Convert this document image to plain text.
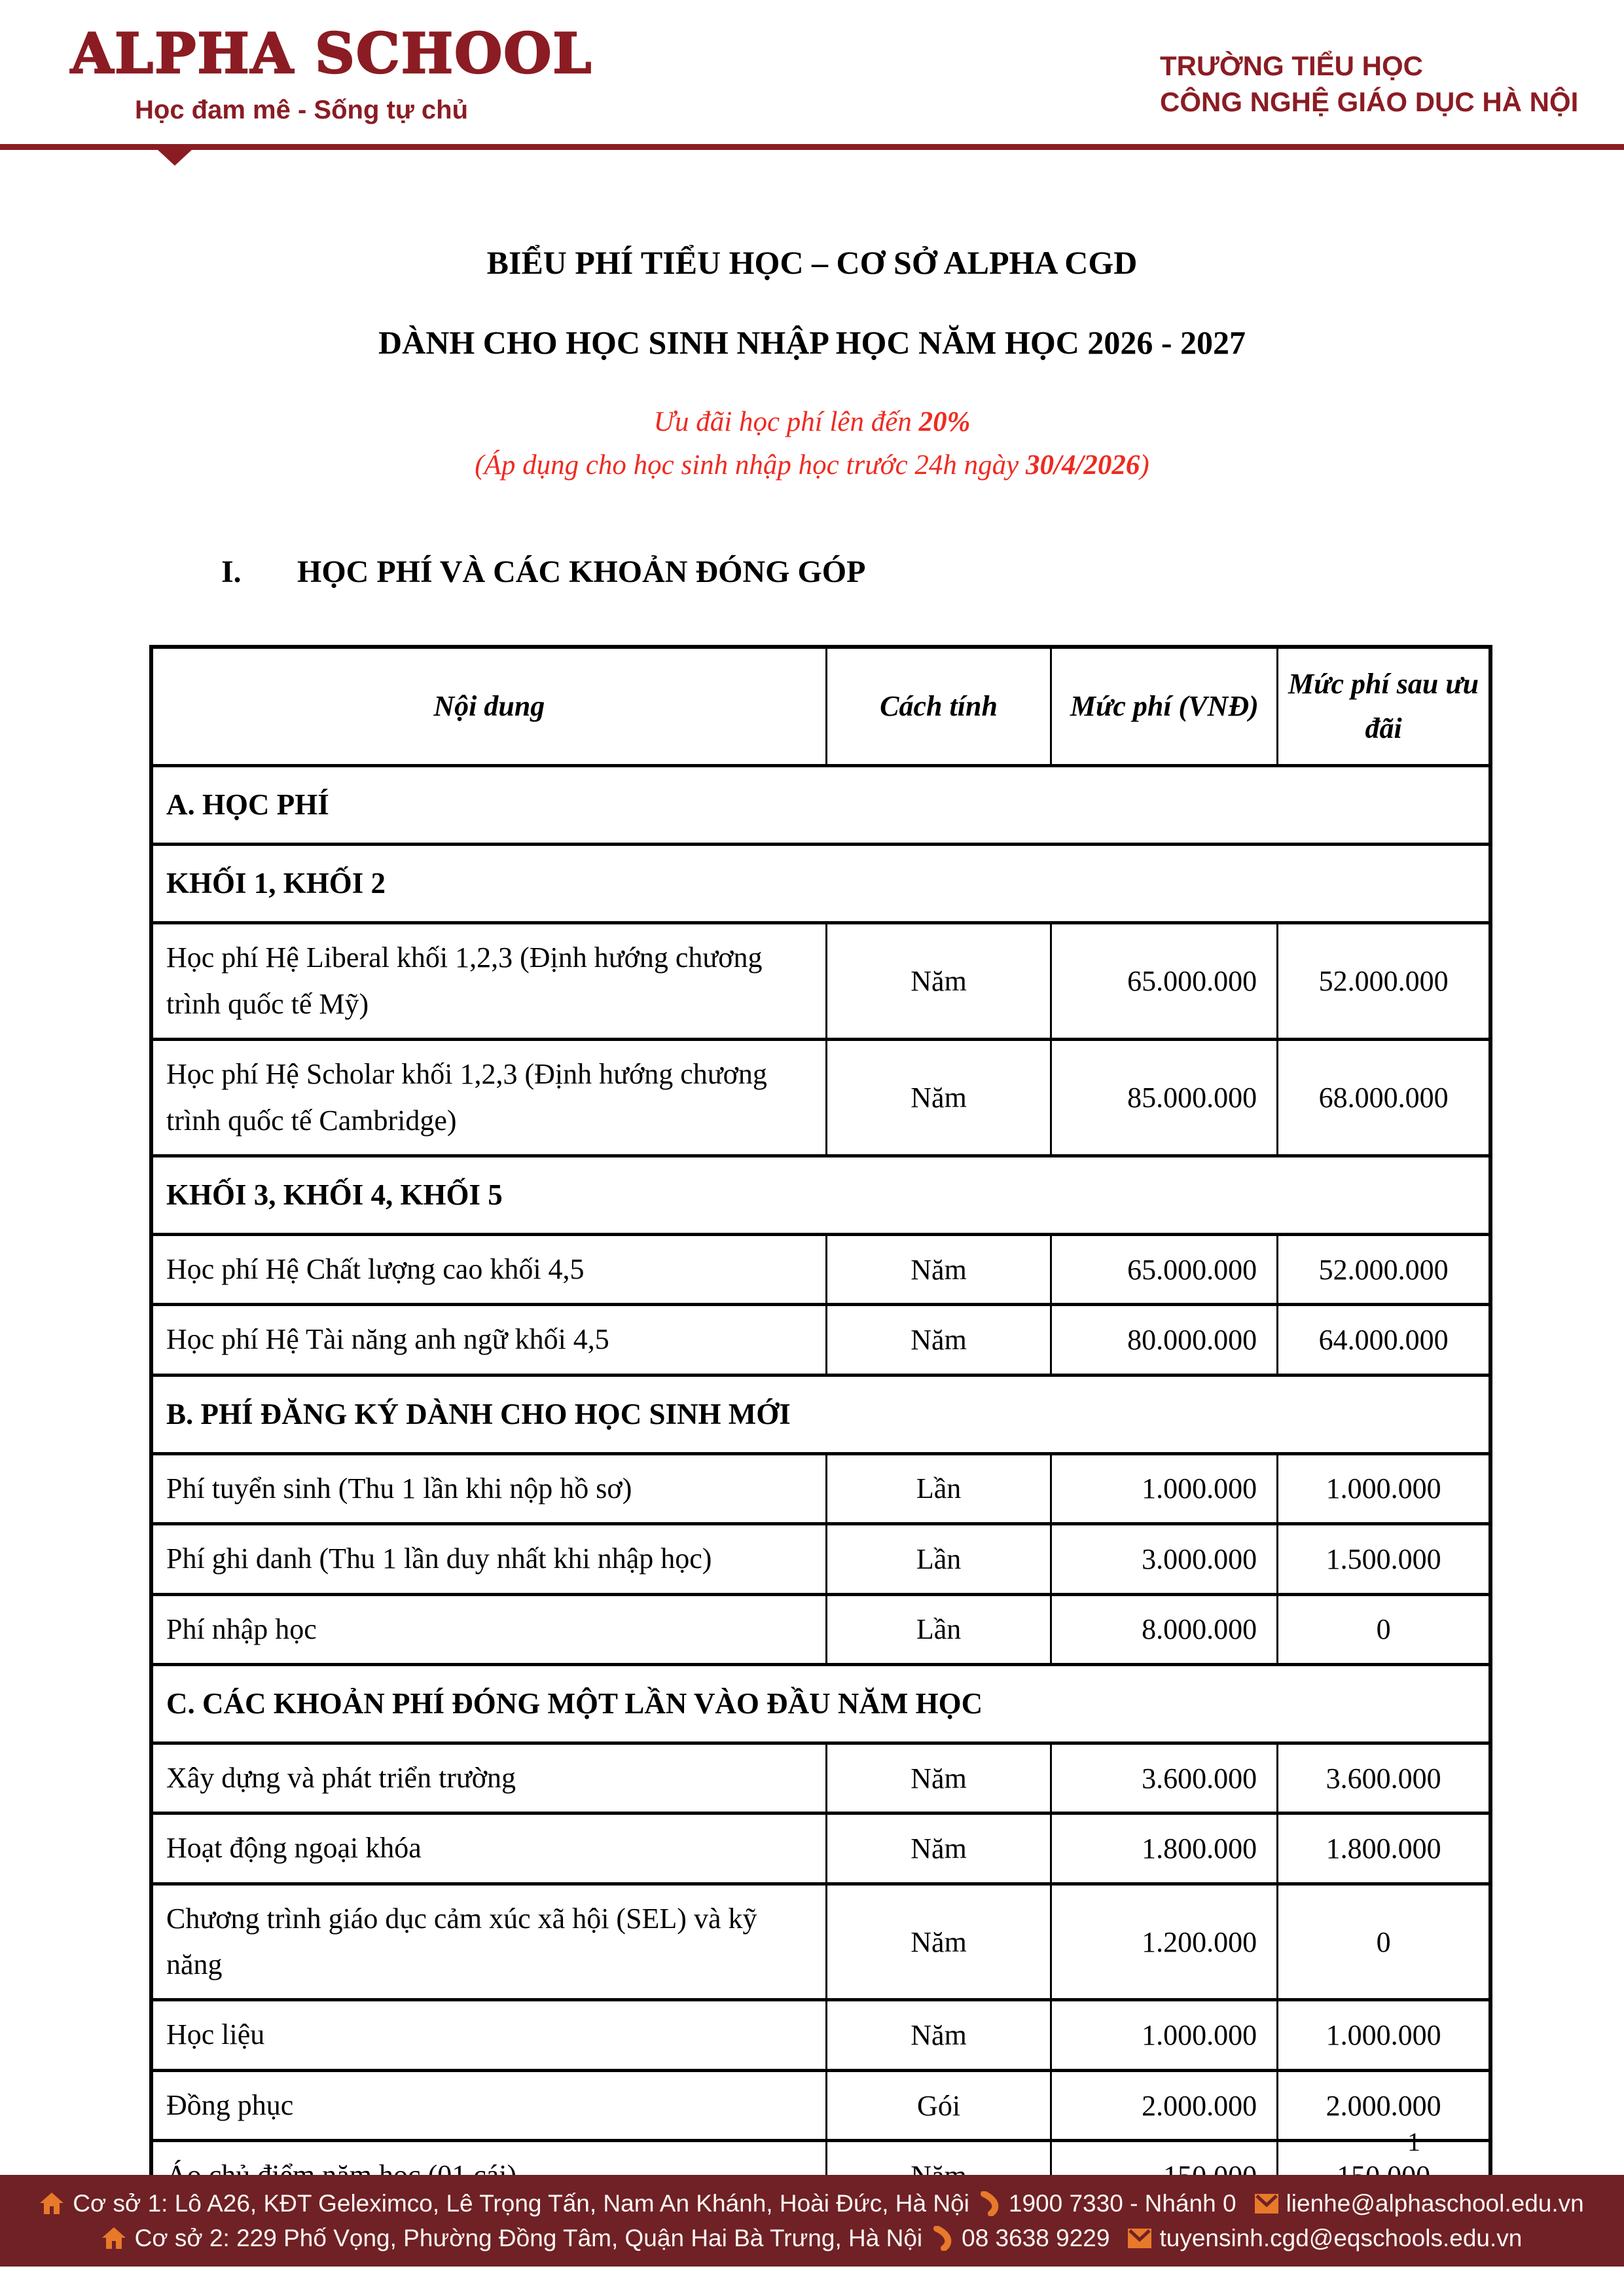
ALPHA SCHOOL
Học đam mê - Sống tự chủ
TRƯỜNG TIỂU HỌC
CÔNG NGHỆ GIÁO DỤC HÀ NỘI
BIỂU PHÍ TIỂU HỌC – CƠ SỞ ALPHA CGD
DÀNH CHO HỌC SINH NHẬP HỌC NĂM HỌC 2026 - 2027
Ưu đãi học phí lên đến 20%
(Áp dụng cho học sinh nhập học trước 24h ngày 30/4/2026)
I. HỌC PHÍ VÀ CÁC KHOẢN ĐÓNG GÓP
Nội dung	Cách tính	Mức phí (VNĐ)	Mức phí sau ưu đãi
A. HỌC PHÍ			
KHỐI 1, KHỐI 2			
Học phí Hệ Liberal khối 1,2,3 (Định hướng chương trình quốc tế Mỹ)	Năm	65.000.000	52.000.000
Học phí Hệ Scholar khối 1,2,3 (Định hướng chương trình quốc tế Cambridge)	Năm	85.000.000	68.000.000
KHỐI 3, KHỐI 4, KHỐI 5			
Học phí Hệ Chất lượng cao khối 4,5	Năm	65.000.000	52.000.000
Học phí Hệ Tài năng anh ngữ khối 4,5	Năm	80.000.000	64.000.000
B. PHÍ ĐĂNG KÝ DÀNH CHO HỌC SINH MỚI			
Phí tuyển sinh (Thu 1 lần khi nộp hồ sơ)	Lần	1.000.000	1.000.000
Phí ghi danh (Thu 1 lần duy nhất khi nhập học)	Lần	3.000.000	1.500.000
Phí nhập học	Lần	8.000.000	0
C. CÁC KHOẢN PHÍ ĐÓNG MỘT LẦN VÀO ĐẦU NĂM HỌC			
Xây dựng và phát triển trường	Năm	3.600.000	3.600.000
Hoạt động ngoại khóa	Năm	1.800.000	1.800.000
Chương trình giáo dục cảm xúc xã hội (SEL) và kỹ năng	Năm	1.200.000	0
Học liệu	Năm	1.000.000	1.000.000
Đồng phục	Gói	2.000.000	2.000.000

1
Cơ sở 1: Lô A26, KĐT Geleximco, Lê Trọng Tấn, Nam An Khánh, Hoài Đức, Hà Nội 1900 7330 - Nhánh 0 lienhe@alphaschool.edu.vn
Cơ sở 2: 229 Phố Vọng, Phường Đồng Tâm, Quận Hai Bà Trưng, Hà Nội 08 3638 9229 tuyensinh.cgd@eqschools.edu.vn
